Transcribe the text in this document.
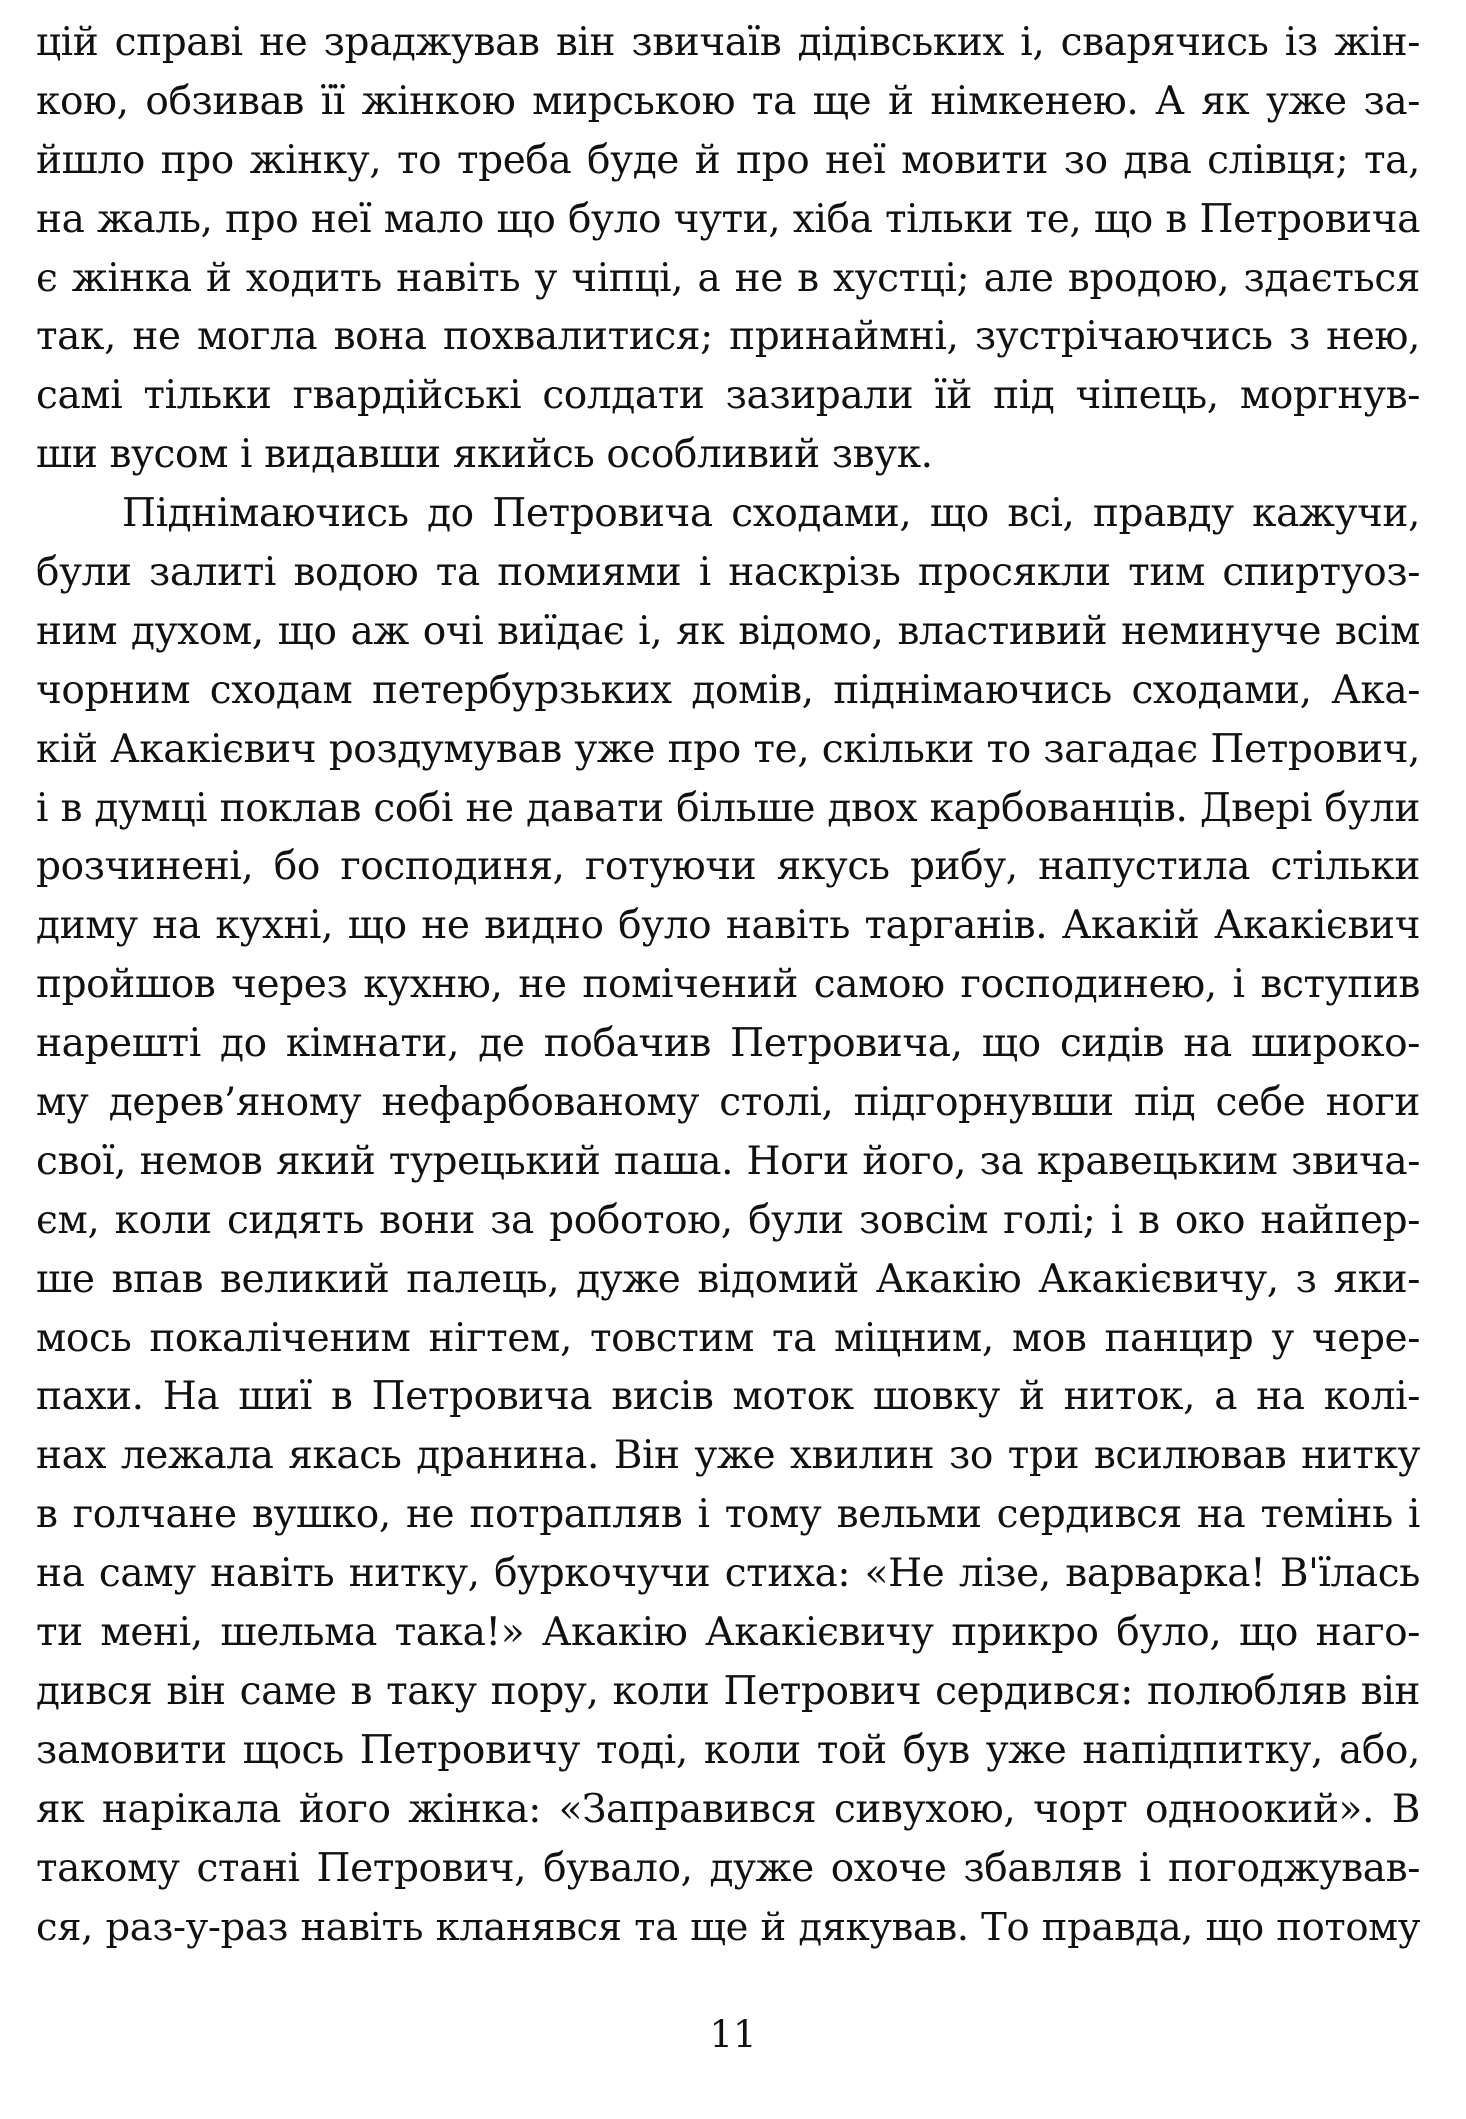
цій справі не зраджував він звичаїв дідівських і, сварячись із жін-
кою, обзивав її жінкою мирською та ще й німкенею. А як уже за-
йшло про жінку, то треба буде й про неї мовити зо два слівця; та,
на жаль, про неї мало що було чути, хіба тільки те, що в Петровича
є жінка й ходить навіть у чіпці, а не в хустці; але вродою, здається
так, не могла вона похвалитися; принаймні, зустрічаючись з нею,
самі тільки гвардійські солдати зазирали їй під чіпець, моргнув-
ши вусом і видавши якийсь особливий звук.
Піднімаючись до Петровича сходами, що всі, правду кажучи,
були залиті водою та помиями і наскрізь просякли тим спиртуоз-
ним духом, що аж очі виїдає і, як відомо, властивий неминуче всім
чорним сходам петербурзьких домів, піднімаючись сходами, Ака-
кій Акакієвич роздумував уже про те, скільки то загадає Петрович,
і в думці поклав собі не давати більше двох карбованців. Двері були
розчинені, бо господиня, готуючи якусь рибу, напустила стільки
диму на кухні, що не видно було навіть тарганів. Акакій Акакієвич
пройшов через кухню, не помічений самою господинею, і вступив
нарешті до кімнати, де побачив Петровича, що сидів на широко-
му дерев’яному нефарбованому столі, підгорнувши під себе ноги
свої, немов який турецький паша. Ноги його, за кравецьким звича-
єм, коли сидять вони за роботою, були зовсім голі; і в око найпер-
ше впав великий палець, дуже відомий Акакію Акакієвичу, з яки-
мось покаліченим нігтем, товстим та міцним, мов панцир у чере-
пахи. На шиї в Петровича висів моток шовку й ниток, а на колі-
нах лежала якась дранина. Він уже хвилин зо три всилював нитку
в голчане вушко, не потрапляв і тому вельми сердився на темінь і
на саму навіть нитку, буркочучи стиха: «Не лізе, варварка! В'їлась
ти мені, шельма така!» Акакію Акакієвичу прикро було, що наго-
дився він саме в таку пору, коли Петрович сердився: полюбляв він
замовити щось Петровичу тоді, коли той був уже напідпитку, або,
як нарікала його жінка: «Заправився сивухою, чорт одноокий». В
такому стані Петрович, бувало, дуже охоче збавляв і погоджував-
ся, раз-у-раз навіть кланявся та ще й дякував. То правда, що потому
11
